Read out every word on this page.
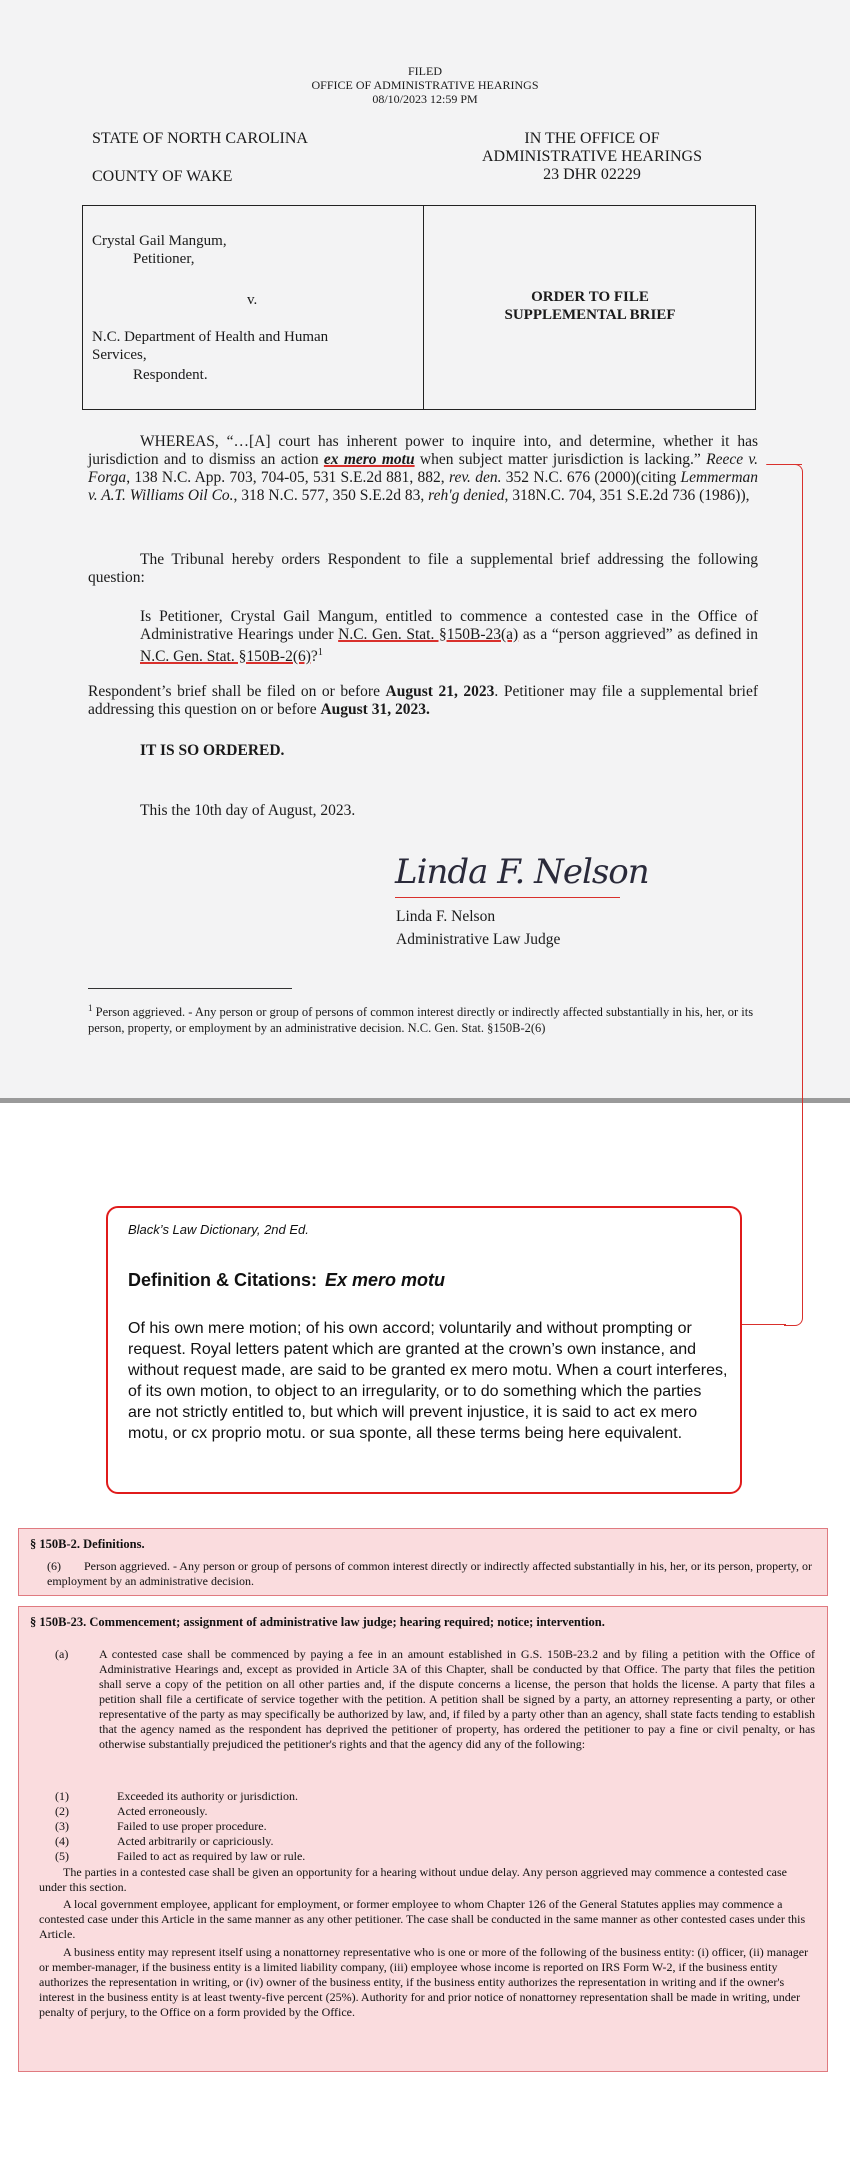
FILED
OFFICE OF ADMINISTRATIVE HEARINGS
08/10/2023 12:59 PM
STATE OF NORTH CAROLINA
COUNTY OF WAKE
IN THE OFFICE OF
ADMINISTRATIVE HEARINGS
23 DHR 02229
Crystal Gail Mangum,
Petitioner,
v.
N.C. Department of Health and Human
Services,
Respondent.
ORDER TO FILE
SUPPLEMENTAL BRIEF
WHEREAS, “…[A] court has inherent power to inquire into, and determine, whether it has jurisdiction and to dismiss an action ex mero motu when subject matter jurisdiction is lacking.” Reece v. Forga, 138 N.C. App. 703, 704-05, 531 S.E.2d 881, 882, rev. den. 352 N.C. 676 (2000)(citing Lemmerman v. A.T. Williams Oil Co., 318 N.C. 577, 350 S.E.2d 83, reh'g denied, 318N.C. 704, 351 S.E.2d 736 (1986)),
The Tribunal hereby orders Respondent to file a supplemental brief addressing the following question:
Is Petitioner, Crystal Gail Mangum, entitled to commence a contested case in the Office of Administrative Hearings under N.C. Gen. Stat. §150B-23(a) as a “person aggrieved” as defined in N.C. Gen. Stat. §150B-2(6)?$^1$
Respondent’s brief shall be filed on or before August 21, 2023. Petitioner may file a supplemental brief addressing this question on or before August 31, 2023.
IT IS SO ORDERED.
This the 10th day of August, 2023.
Linda F. Nelson
Linda F. Nelson
Administrative Law Judge
$^1$ Person aggrieved. - Any person or group of persons of common interest directly or indirectly affected substantially in his, her, or its person, property, or employment by an administrative decision. N.C. Gen. Stat. §150B-2(6)
Black’s Law Dictionary, 2nd Ed.
Definition & Citations: Ex mero motu
Of his own mere motion; of his own accord; voluntarily and without prompting or request. Royal letters patent which are granted at the crown’s own instance, and without request made, are said to be granted ex mero motu. When a court interferes, of its own motion, to object to an irregularity, or to do something which the parties are not strictly entitled to, but which will prevent injustice, it is said to act ex mero motu, or cx proprio motu. or sua sponte, all these terms being here equivalent.
§ 150B-2. Definitions.
(6)	Person aggrieved. - Any person or group of persons of common interest directly or indirectly affected substantially in his, her, or its person, property, or employment by an administrative decision.
§ 150B-23. Commencement; assignment of administrative law judge; hearing required; notice; intervention.
(a)	A contested case shall be commenced by paying a fee in an amount established in G.S. 150B-23.2 and by filing a petition with the Office of Administrative Hearings and, except as provided in Article 3A of this Chapter, shall be conducted by that Office. The party that files the petition shall serve a copy of the petition on all other parties and, if the dispute concerns a license, the person that holds the license. A party that files a petition shall file a certificate of service together with the petition. A petition shall be signed by a party, an attorney representing a party, or other representative of the party as may specifically be authorized by law, and, if filed by a party other than an agency, shall state facts tending to establish that the agency named as the respondent has deprived the petitioner of property, has ordered the petitioner to pay a fine or civil penalty, or has otherwise substantially prejudiced the petitioner's rights and that the agency did any of the following:
(1)	Exceeded its authority or jurisdiction.
(2)	Acted erroneously.
(3)	Failed to use proper procedure.
(4)	Acted arbitrarily or capriciously.
(5)	Failed to act as required by law or rule.
The parties in a contested case shall be given an opportunity for a hearing without undue delay. Any person aggrieved may commence a contested case under this section.
A local government employee, applicant for employment, or former employee to whom Chapter 126 of the General Statutes applies may commence a contested case under this Article in the same manner as any other petitioner. The case shall be conducted in the same manner as other contested cases under this Article.
A business entity may represent itself using a nonattorney representative who is one or more of the following of the business entity: (i) officer, (ii) manager or member-manager, if the business entity is a limited liability company, (iii) employee whose income is reported on IRS Form W-2, if the business entity authorizes the representation in writing, or (iv) owner of the business entity, if the business entity authorizes the representation in writing and if the owner's interest in the business entity is at least twenty-five percent (25%). Authority for and prior notice of nonattorney representation shall be made in writing, under penalty of perjury, to the Office on a form provided by the Office.
